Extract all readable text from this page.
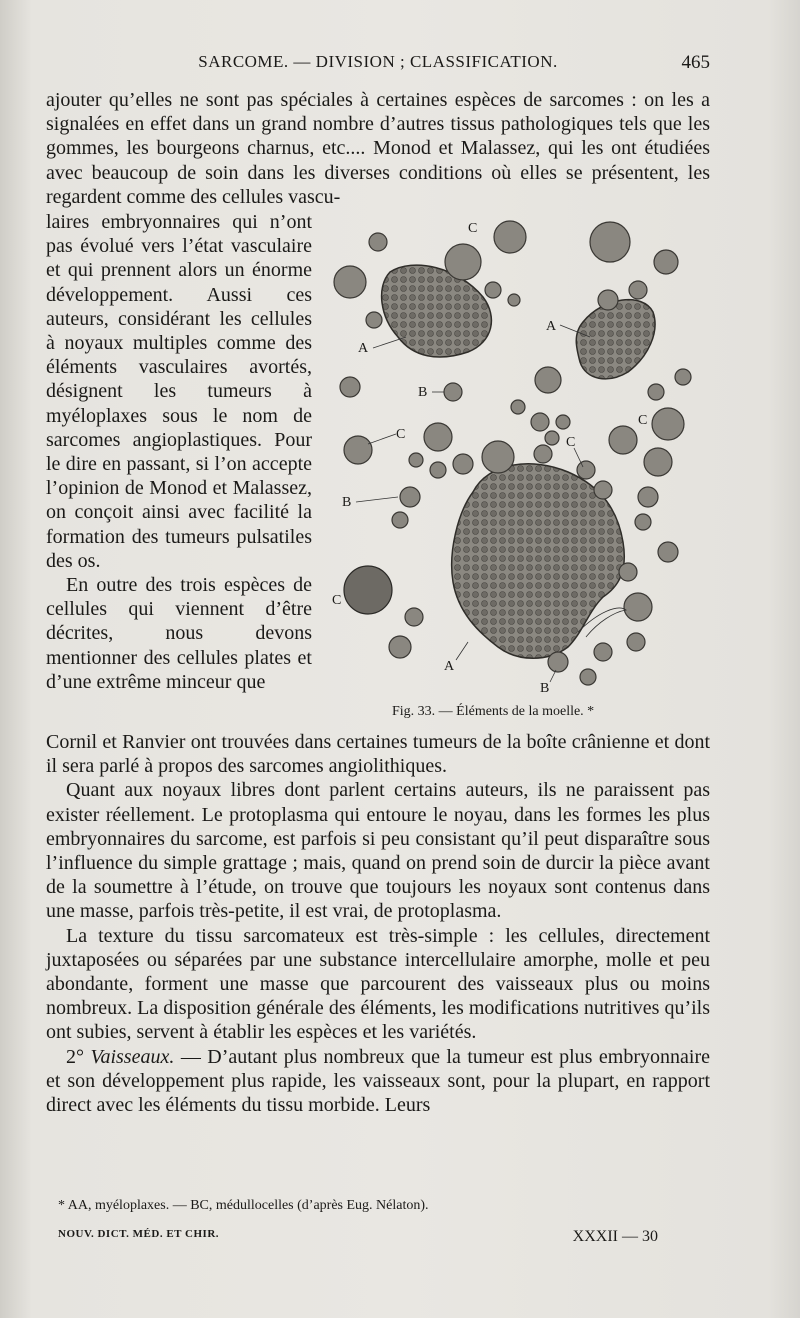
SARCOME. — DIVISION ; CLASSIFICATION.	465

ajouter qu’elles ne sont pas spéciales à certaines espèces de sarcomes : on les a signalées en effet dans un grand nombre d’autres tissus pathologiques tels que les gommes, les bourgeons charnus, etc.... Monod et Malassez, qui les ont étudiées avec beaucoup de soin dans les diverses conditions où elles se présentent, les regardent comme des cellules vascu-

laires embryonnaires qui n’ont pas évolué vers l’état vasculaire et qui prennent alors un énorme développement. Aussi ces auteurs, considérant les cellules à noyaux multiples comme des éléments vasculaires avortés, désignent les tumeurs à myéloplaxes sous le nom de sarcomes angioplastiques. Pour le dire en passant, si l’on accepte l’opinion de Monod et Malassez, on conçoit ainsi avec facilité la formation des tumeurs pulsatiles des os.

En outre des trois espèces de cellules qui viennent d’être décrites, nous devons mentionner des cellules plates et d’une extrême minceur que

C
A
A
B
C
C
C
B
C
A
B
Fig. 33. — Éléments de la moelle. *

Cornil et Ranvier ont trouvées dans certaines tumeurs de la boîte crânienne et dont il sera parlé à propos des sarcomes angiolithiques.

Quant aux noyaux libres dont parlent certains auteurs, ils ne paraissent pas exister réellement. Le protoplasma qui entoure le noyau, dans les formes les plus embryonnaires du sarcome, est parfois si peu consistant qu’il peut disparaître sous l’influence du simple grattage ; mais, quand on prend soin de durcir la pièce avant de la soumettre à l’étude, on trouve que toujours les noyaux sont contenus dans une masse, parfois très-petite, il est vrai, de protoplasma.

La texture du tissu sarcomateux est très-simple : les cellules, directement juxtaposées ou séparées par une substance intercellulaire amorphe, molle et peu abondante, forment une masse que parcourent des vaisseaux plus ou moins nombreux. La disposition générale des éléments, les modifications nutritives qu’ils ont subies, servent à établir les espèces et les variétés.

2° Vaisseaux. — D’autant plus nombreux que la tumeur est plus embryonnaire et son développement plus rapide, les vaisseaux sont, pour la plupart, en rapport direct avec les éléments du tissu morbide. Leurs

* AA, myéloplaxes. — BC, médullocelles (d’après Eug. Nélaton).
NOUV. DICT. MÉD. ET CHIR.	XXXII — 30
